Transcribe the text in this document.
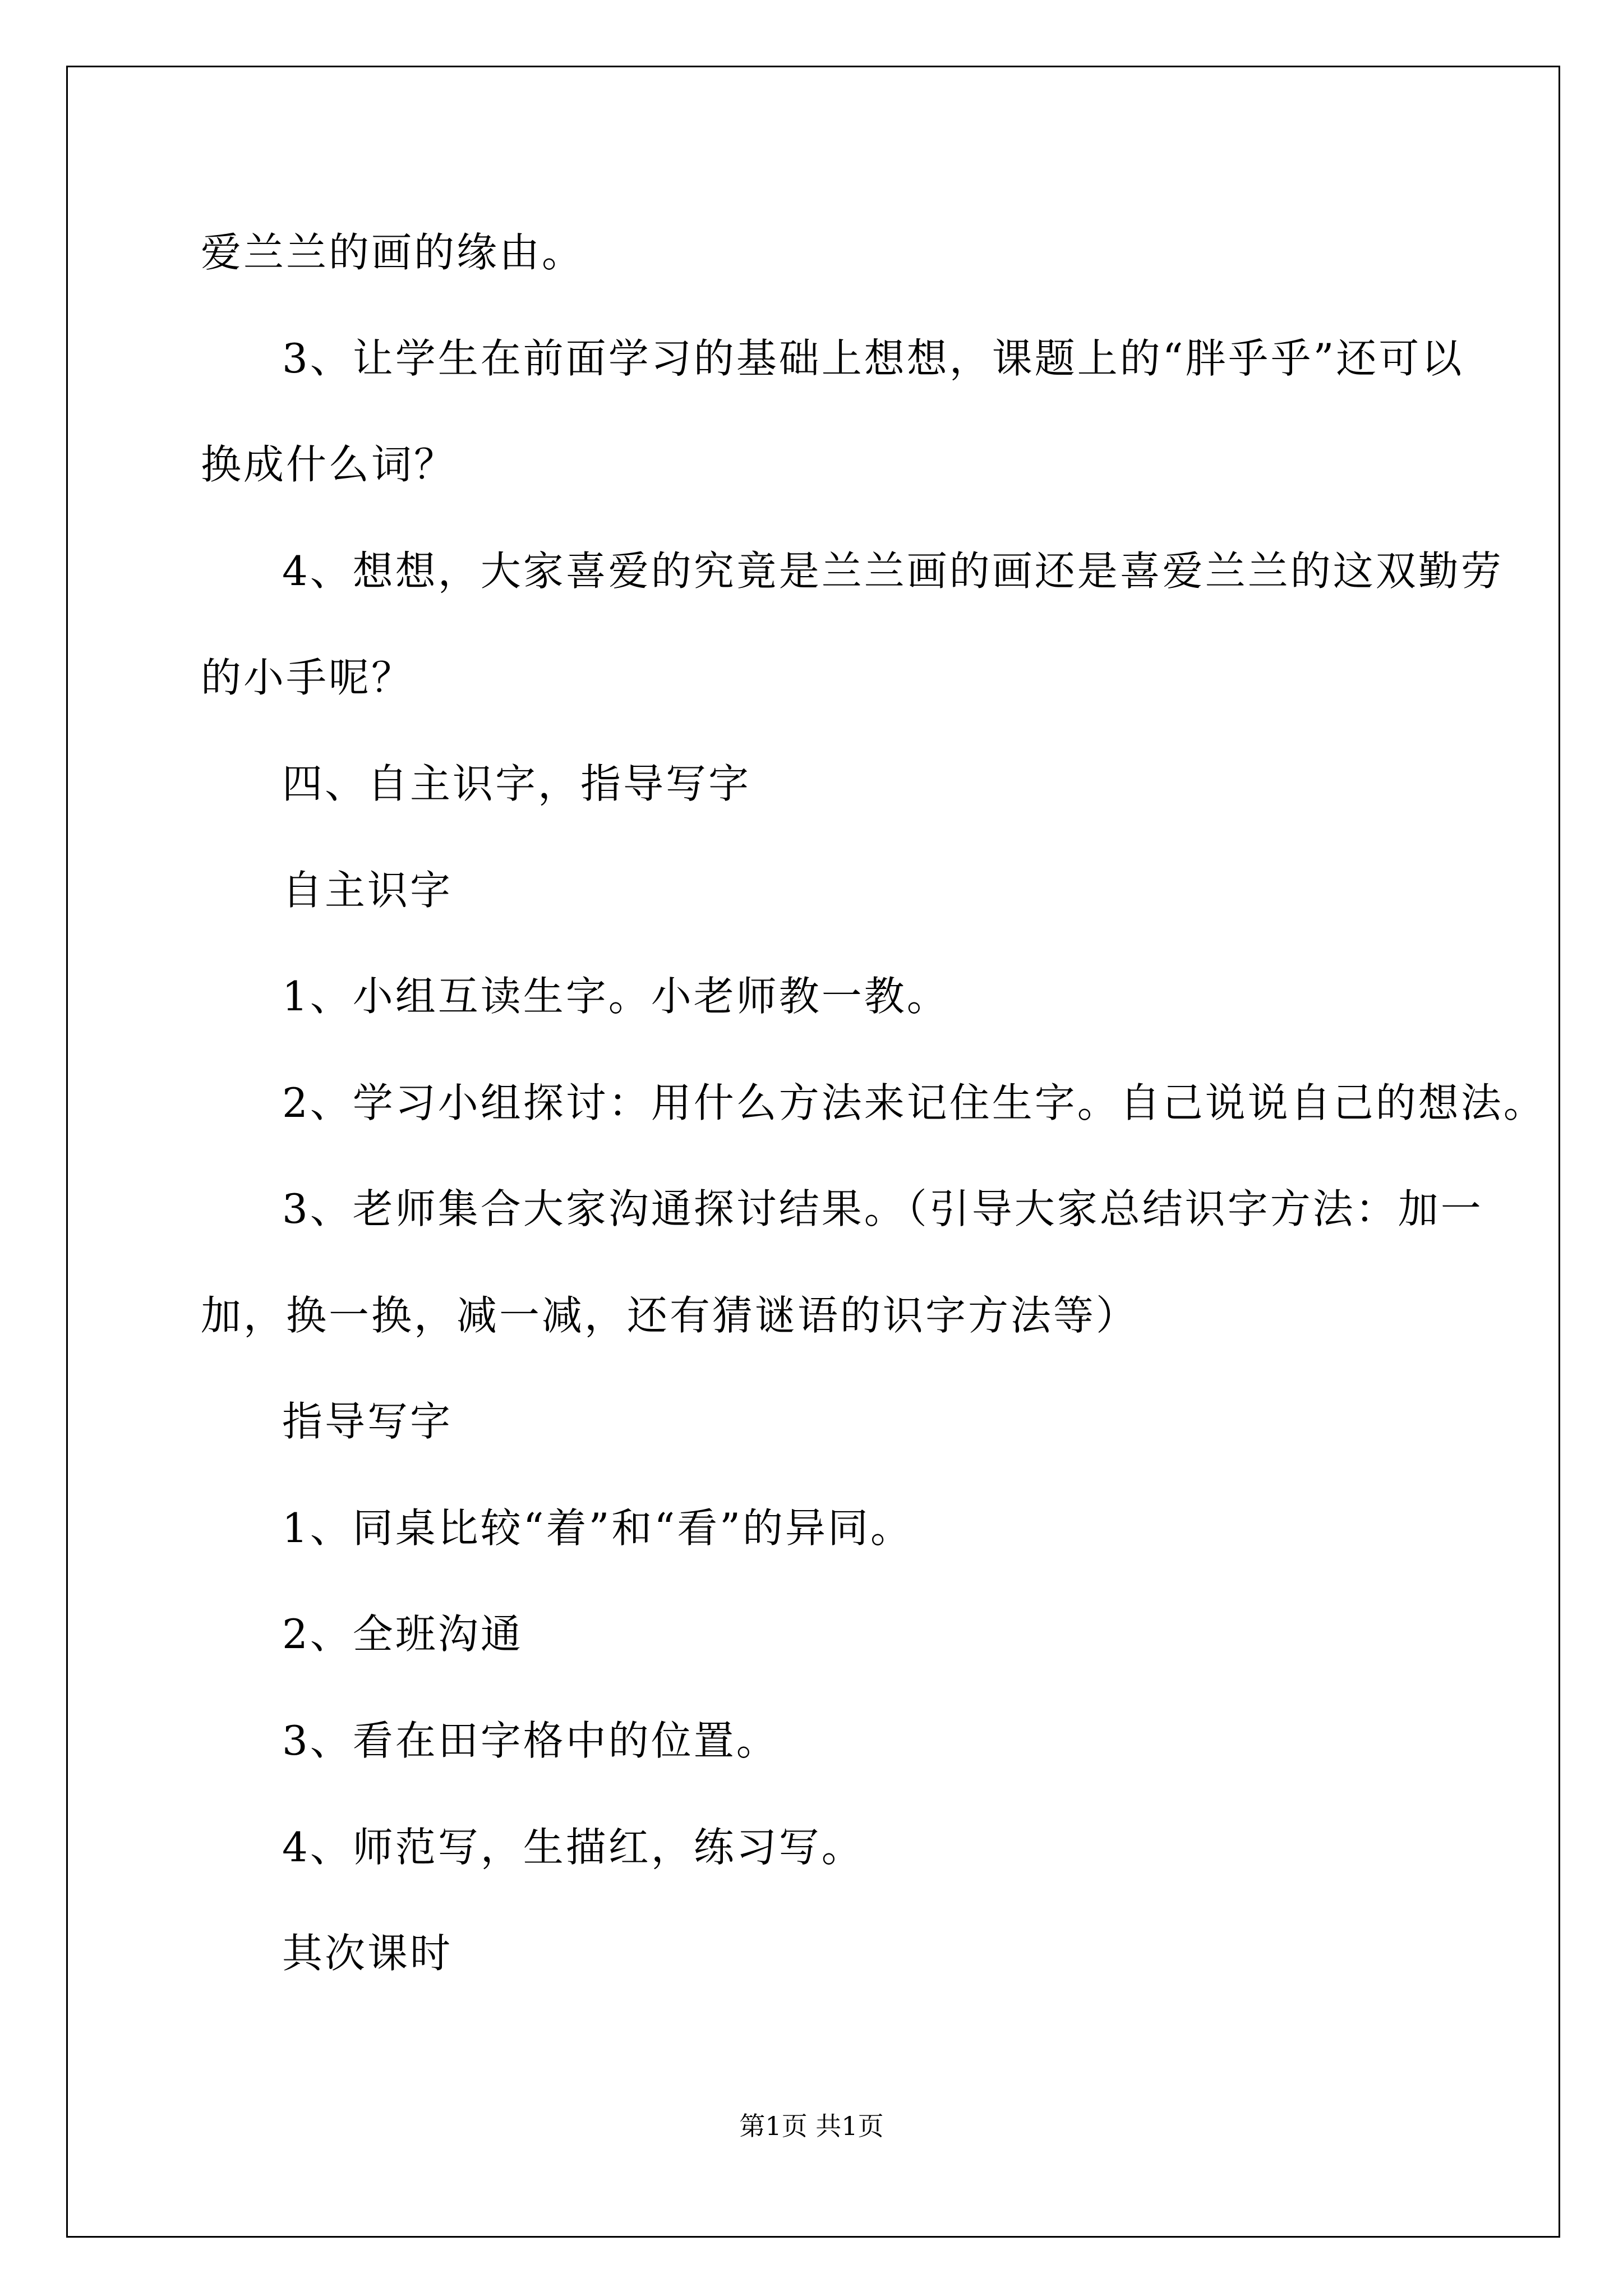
爱兰兰的画的缘由。
3、让学生在前面学习的基础上想想，课题上的“胖乎乎”还可以
换成什么词？
4、想想，大家喜爱的究竟是兰兰画的画还是喜爱兰兰的这双勤劳
的小手呢？
四、自主识字，指导写字
自主识字
1、小组互读生字。小老师教一教。
2、学习小组探讨：用什么方法来记住生字。自己说说自己的想法。
3、老师集合大家沟通探讨结果。（引导大家总结识字方法：加一
加，换一换，减一减，还有猜谜语的识字方法等）
指导写字
1、同桌比较“着”和“看”的异同。
2、全班沟通
3、看在田字格中的位置。
4、师范写，生描红，练习写。
其次课时
第1页 共1页
